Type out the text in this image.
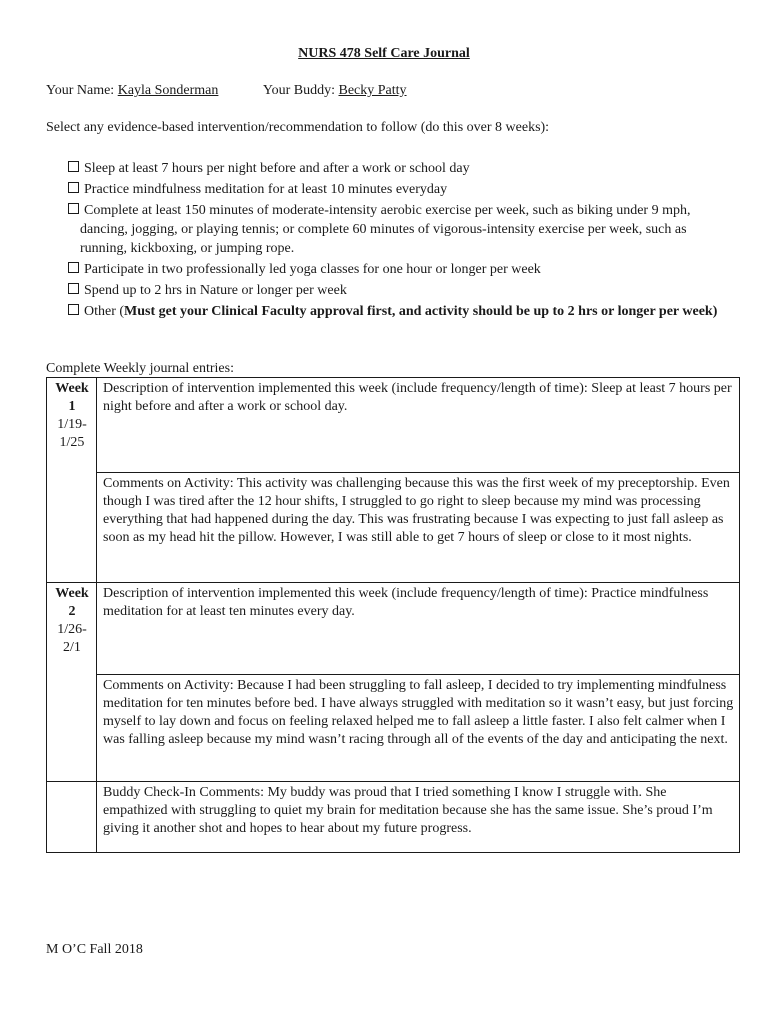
NURS 478 Self Care Journal
Your Name: Kayla Sonderman	Your Buddy: Becky Patty
Select any evidence-based intervention/recommendation to follow (do this over 8 weeks):
Sleep at least 7 hours per night before and after a work or school day
Practice mindfulness meditation for at least 10 minutes everyday
Complete at least 150 minutes of moderate-intensity aerobic exercise per week, such as biking under 9 mph, dancing, jogging, or playing tennis; or complete 60 minutes of vigorous-intensity exercise per week, such as running, kickboxing, or jumping rope.
Participate in two professionally led yoga classes for one hour or longer per week
Spend up to 2 hrs in Nature or longer per week
Other (Must get your Clinical Faculty approval first, and activity should be up to 2 hrs or longer per week)
Complete Weekly journal entries:
Week
1
1/19-
1/25	Description of intervention implemented this week (include frequency/length of time): Sleep at least 7 hours per night before and after a work or school day.
	Comments on Activity: This activity was challenging because this was the first week of my preceptorship. Even though I was tired after the 12 hour shifts, I struggled to go right to sleep because my mind was processing everything that had happened during the day. This was frustrating because I was expecting to just fall asleep as soon as my head hit the pillow. However, I was still able to get 7 hours of sleep or close to it most nights.

Week
2
1/26-
2/1	Description of intervention implemented this week (include frequency/length of time): Practice mindfulness meditation for at least ten minutes every day.
	Comments on Activity: Because I had been struggling to fall asleep, I decided to try implementing mindfulness meditation for ten minutes before bed. I have always struggled with meditation so it wasn’t easy, but just forcing myself to lay down and focus on feeling relaxed helped me to fall asleep a little faster. I also felt calmer when I was falling asleep because my mind wasn’t racing through all of the events of the day and anticipating the next.
	Buddy Check-In Comments: My buddy was proud that I tried something I know I struggle with. She empathized with struggling to quiet my brain for meditation because she has the same issue. She’s proud I’m giving it another shot and hopes to hear about my future progress.
M O’C Fall 2018
